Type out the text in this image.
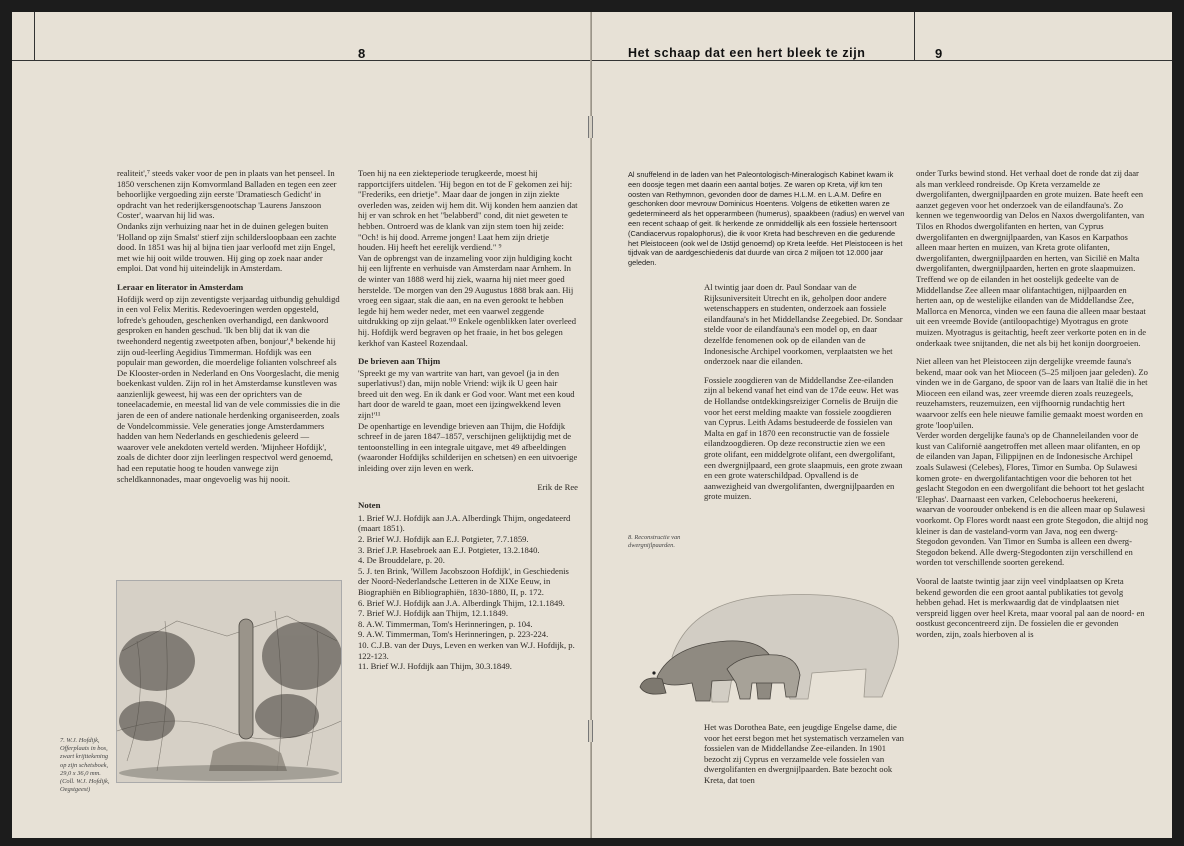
8

realiteit',⁷ steeds vaker voor de pen in plaats van het penseel. In 1850 verschenen zijn Komvormland Balladen en tegen een zeer behoorlijke vergoeding zijn eerste 'Dramatiesch Gedicht' in opdracht van het rederijkersgenootschap 'Laurens Janszoon Coster', waarvan hij lid was.

Ondanks zijn verhuizing naar het in de duinen gelegen buiten 'Holland op zijn Smalst' stierf zijn schildersloopbaan een zachte dood. In 1851 was hij al bijna tien jaar verloofd met zijn Engel, met wie hij ooit wilde trouwen. Hij ging op zoek naar ander emploi. Dat vond hij uiteindelijk in Amsterdam.

Leraar en literator in Amsterdam

Hofdijk werd op zijn zeventigste verjaardag uitbundig gehuldigd in een vol Felix Meritis. Redevoeringen werden opgesteld, lofrede's gehouden, geschenken overhandigd, een dankwoord gesproken en handen geschud. 'Ik ben blij dat ik van die tweehonderd negentig zweetpoten afben, bonjour',⁸ bekende hij zijn oud-leerling Aegidius Timmerman. Hofdijk was een populair man geworden, die moerdelige folianten volschreef als De Klooster-orden in Nederland en Ons Voorgeslacht, die menig boekenkast vulden. Zijn rol in het Amsterdamse kunstleven was aanzienlijk geweest, hij was een der oprichters van de toneelacademie, en meestal lid van de vele commissies die in die jaren de een of andere nationale herdenking organiseerden, zoals de Vondelcommissie. Vele generaties jonge Amsterdammers hadden van hem Nederlands en geschiedenis geleerd — waarover vele anekdoten verteld werden. 'Mijnheer Hofdijk', zoals de dichter door zijn leerlingen respectvol werd genoemd, had een reputatie hoog te houden vanwege zijn scheldkannonades, maar ongevoelig was hij nooit.

7. W.J. Hofdijk, Offerplaats in bos, zwart krijttekening op zijn schetsboek, 29,0 x 36,0 mm. (Coll. W.J. Hofdijk, Oegstgeest)

Toen hij na een ziekteperiode terugkeerde, moest hij rapportcijfers uitdelen. 'Hij begon en tot de F gekomen zei hij: "Frederiks, een drietje". Maar daar de jongen in zijn ziekte overleden was, zeiden wij hem dit. Wij konden hem aanzien dat hij er van schrok en het "belabberd" cond, dit niet geweten te hebben. Ontroerd was de klank van zijn stem toen hij zeide: "Och! is hij dood. Arreme jongen! Laat hem zijn drietje houden. Hij heeft het eerelijk verdiend." ⁹

Van de opbrengst van de inzameling voor zijn huldiging kocht hij een lijfrente en verhuisde van Amsterdam naar Arnhem. In de winter van 1888 werd hij ziek, waarna hij niet meer goed herstelde. 'De morgen van den 29 Augustus 1888 brak aan. Hij vroeg een sigaar, stak die aan, en na even gerookt te hebben legde hij hem weder neder, met een vaarwel zeggende uitdrukking op zijn gelaat.'¹⁰ Enkele ogenblikken later overleed hij. Hofdijk werd begraven op het fraaie, in het bos gelegen kerkhof van Kasteel Rozendaal.

De brieven aan Thijm

'Spreekt ge my van wartrite van hart, van gevoel (ja in den superlativus!) dan, mijn noble Vriend: wijk ik U geen hair breed uit den weg. En ik dank er God voor. Want met een koud hart door de wareld te gaan, moet een ijzingwekkend leven zijn!'¹¹

De openhartige en levendige brieven aan Thijm, die Hofdijk schreef in de jaren 1847–1857, verschijnen gelijktijdig met de tentoonstelling in een integrale uitgave, met 49 afbeeldingen (waaronder Hofdijks schilderijen en schetsen) en een uitvoerige inleiding over zijn leven en werk.

Erik de Ree

Noten
1. Brief W.J. Hofdijk aan J.A. Alberdingk Thijm, ongedateerd (maart 1851).
2. Brief W.J. Hofdijk aan E.J. Potgieter, 7.7.1859.
3. Brief J.P. Hasebroek aan E.J. Potgieter, 13.2.1840.
4. De Brouddelare, p. 20.
5. J. ten Brink, 'Willem Jacobszoon Hofdijk', in Geschiedenis der Noord-Nederlandsche Letteren in de XIXe Eeuw, in Biographiën en Bibliographiën, 1830-1880, II, p. 172.
6. Brief W.J. Hofdijk aan J.A. Alberdingk Thijm, 12.1.1849.
7. Brief W.J. Hofdijk aan Thijm, 12.1.1849.
8. A.W. Timmerman, Tom's Herinneringen, p. 104.
9. A.W. Timmerman, Tom's Herinneringen, p. 223-224.
10. C.J.B. van der Duys, Leven en werken van W.J. Hofdijk, p. 122-123.
11. Brief W.J. Hofdijk aan Thijm, 30.3.1849.
Het schaap dat een hert bleek te zijn	9
Al snuffelend in de laden van het Paleontologisch-Mineralogisch Kabinet kwam ik een doosje tegen met daarin een aantal botjes. Ze waren op Kreta, vijf km ten oosten van Rethymnon, gevonden door de dames H.L.M. en L.A.M. Defire en geschonken door mevrouw Dominicus Hoentens. Volgens de etiketten waren ze gedetermineerd als het opperarmbeen (humerus), spaakbeen (radius) en wervel van een recent schaap of geit. Ik herkende ze onmiddellijk als een fossiele hertensoort (Candiacervus ropalophorus), die ik voor Kreta had beschreven en die gedurende het Pleistoceen (ook wel de IJstijd genoemd) op Kreta leefde. Het Pleistoceen is het tijdvak van de aardgeschiedenis dat duurde van circa 2 miljoen tot 12.000 jaar geleden.

Al twintig jaar doen dr. Paul Sondaar van de Rijksuniversiteit Utrecht en ik, geholpen door andere wetenschappers en studenten, onderzoek aan fossiele eilandfauna's in het Middellandse Zeegebied. Dr. Sondaar stelde voor de eilandfauna's een model op, en daar dezelfde fenomenen ook op de eilanden van de Indonesische Archipel voorkomen, verplaatsten we het onderzoek naar die eilanden.

Fossiele zoogdieren van de Middellandse Zee-eilanden zijn al bekend vanaf het eind van de 17de eeuw. Het was de Hollandse ontdekkingsreiziger Cornelis de Bruijn die voor het eerst melding maakte van fossiele zoogdieren van Cyprus. Leith Adams bestudeerde de fossielen van Malta en gaf in 1870 een reconstructie van de fossiele eilandzoogdieren. Op deze reconstructie zien we een grote olifant, een middelgrote olifant, een dwergolifant, een dwergnijlpaard, een grote slaapmuis, een grote zwaan en een grote waterschildpad. Opvallend is de aanwezigheid van dwergolifanten, dwergnijlpaarden en grote muizen.

8. Reconstructie van dwergnijlpaarden.

Het was Dorothea Bate, een jeugdige Engelse dame, die voor het eerst begon met het systematisch verzamelen van fossielen van de Middellandse Zee-eilanden. In 1901 bezocht zij Cyprus en verzamelde vele fossielen van dwergolifanten en dwergnijlpaarden. Bate bezocht ook Kreta, dat toen

onder Turks bewind stond. Het verhaal doet de ronde dat zij daar als man verkleed rondreisde. Op Kreta verzamelde ze dwergolifanten, dwergnijlpaarden en grote muizen. Bate heeft een aanzet gegeven voor het onderzoek van de eilandfauna's. Zo kennen we tegenwoordig van Delos en Naxos dwergolifanten, van Tilos en Rhodos dwergolifanten en herten, van Cyprus dwergolifanten en dwergnijlpaarden, van Kasos en Karpathos alleen maar herten en muizen, van Kreta grote olifanten, dwergolifanten, dwergnijlpaarden en herten, van Sicilië en Malta dwergolifanten, dwergnijlpaarden, herten en grote slaapmuizen.

Treffend we op de eilanden in het oostelijk gedeelte van de Middellandse Zee alleen maar olifantachtigen, nijlpaarden en herten aan, op de westelijke eilanden van de Middellandse Zee, Mallorca en Menorca, vinden we een fauna die alleen maar bestaat uit een vreemde Bovide (antiloopachtige) Myotragus en grote muizen. Myotragus is geitachtig, heeft zeer verkorte poten en in de onderkaak twee snijtanden, die net als bij het konijn doorgroeien.

Niet alleen van het Pleistoceen zijn dergelijke vreemde fauna's bekend, maar ook van het Mioceen (5–25 miljoen jaar geleden). Zo vinden we in de Gargano, de spoor van de laars van Italië die in het Mioceen een eiland was, zeer vreemde dieren zoals reuzegeels, reuzehamsters, reuzemuizen, een vijfhoornig rundachtig hert waarvoor zelfs een hele nieuwe familie gemaakt moest worden en grote 'loop'uilen.

Verder worden dergelijke fauna's op de Channeleilanden voor de kust van Californië aangetroffen met alleen maar olifanten, en op de eilanden van Japan, Filippijnen en de Indonesische Archipel zoals Sulawesi (Celebes), Flores, Timor en Sumba. Op Sulawesi komen grote- en dwergolifantachtigen voor die behoren tot het geslacht Stegodon en een dwergolifant die behoort tot het geslacht 'Elephas'. Daarnaast een varken, Celebochoerus heekereni, waarvan de voorouder onbekend is en die alleen maar op Sulawesi voorkomt. Op Flores wordt naast een grote Stegodon, die altijd nog kleiner is dan de vasteland-vorm van Java, nog een dwerg-Stegodon gevonden. Van Timor en Sumba is alleen een dwerg-Stegodon bekend. Alle dwerg-Stegodonten zijn verschillend en worden tot verschillende soorten gerekend.

Vooral de laatste twintig jaar zijn veel vindplaatsen op Kreta bekend geworden die een groot aantal publikaties tot gevolg hebben gehad. Het is merkwaardig dat de vindplaatsen niet verspreid liggen over heel Kreta, maar vooral pal aan de noord- en oostkust geconcentreerd zijn. De fossielen die er gevonden worden, zijn, zoals hierboven al is
